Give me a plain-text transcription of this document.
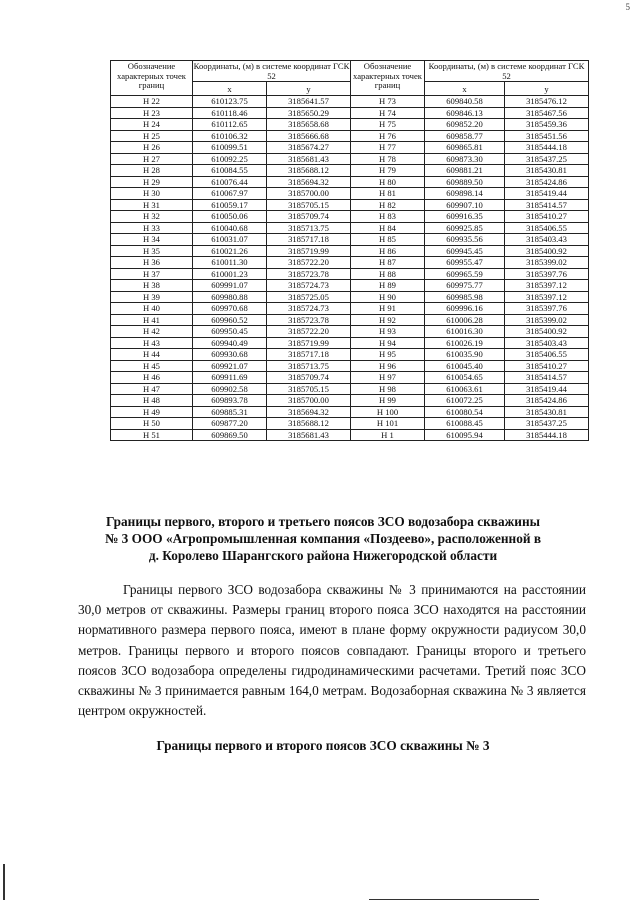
5
Обозначение характерных точек границ	Координаты, (м) в системе координат ГСК 52		Обозначение характерных точек границ	Координаты, (м) в системе координат ГСК 52	
	x	y		x	y
Н 22	610123.75	3185641.57	Н 73	609840.58	3185476.12
Н 23	610118.46	3185650.29	Н 74	609846.13	3185467.56
Н 24	610112.65	3185658.68	Н 75	609852.20	3185459.36
Н 25	610106.32	3185666.68	Н 76	609858.77	3185451.56
Н 26	610099.51	3185674.27	Н 77	609865.81	3185444.18
Н 27	610092.25	3185681.43	Н 78	609873.30	3185437.25
Н 28	610084.55	3185688.12	Н 79	609881.21	3185430.81
Н 29	610076.44	3185694.32	Н 80	609889.50	3185424.86
Н 30	610067.97	3185700.00	Н 81	609898.14	3185419.44
Н 31	610059.17	3185705.15	Н 82	609907.10	3185414.57
Н 32	610050.06	3185709.74	Н 83	609916.35	3185410.27
Н 33	610040.68	3185713.75	Н 84	609925.85	3185406.55
Н 34	610031.07	3185717.18	Н 85	609935.56	3185403.43
Н 35	610021.26	3185719.99	Н 86	609945.45	3185400.92
Н 36	610011.30	3185722.20	Н 87	609955.47	3185399.02
Н 37	610001.23	3185723.78	Н 88	609965.59	3185397.76
Н 38	609991.07	3185724.73	Н 89	609975.77	3185397.12
Н 39	609980.88	3185725.05	Н 90	609985.98	3185397.12
Н 40	609970.68	3185724.73	Н 91	609996.16	3185397.76
Н 41	609960.52	3185723.78	Н 92	610006.28	3185399.02
Н 42	609950.45	3185722.20	Н 93	610016.30	3185400.92
Н 43	609940.49	3185719.99	Н 94	610026.19	3185403.43
Н 44	609930.68	3185717.18	Н 95	610035.90	3185406.55
Н 45	609921.07	3185713.75	Н 96	610045.40	3185410.27
Н 46	609911.69	3185709.74	Н 97	610054.65	3185414.57
Н 47	609902.58	3185705.15	Н 98	610063.61	3185419.44
Н 48	609893.78	3185700.00	Н 99	610072.25	3185424.86
Н 49	609885.31	3185694.32	Н 100	610080.54	3185430.81
Н 50	609877.20	3185688.12	Н 101	610088.45	3185437.25
Н 51	609869.50	3185681.43	Н 1	610095.94	3185444.18
Границы первого, второго и третьего поясов ЗСО водозабора скважины
№ 3 ООО «Агропромышленная компания «Поздеево», расположенной в
д. Королево Шарангского района Нижегородской области

Границы первого ЗСО водозабора скважины № 3 принимаются на расстоянии 30,0 метров от скважины. Размеры границ второго пояса ЗСО находятся на расстоянии нормативного размера первого пояса, имеют в плане форму окружности радиусом 30,0 метров. Границы первого и второго поясов совпадают. Границы второго и третьего поясов ЗСО водозабора определены гидродинамическими расчетами. Третий пояс ЗСО скважины № 3 принимается равным 164,0 метрам. Водозаборная скважина № 3 является центром окружностей.

Границы первого и второго поясов ЗСО скважины № 3
